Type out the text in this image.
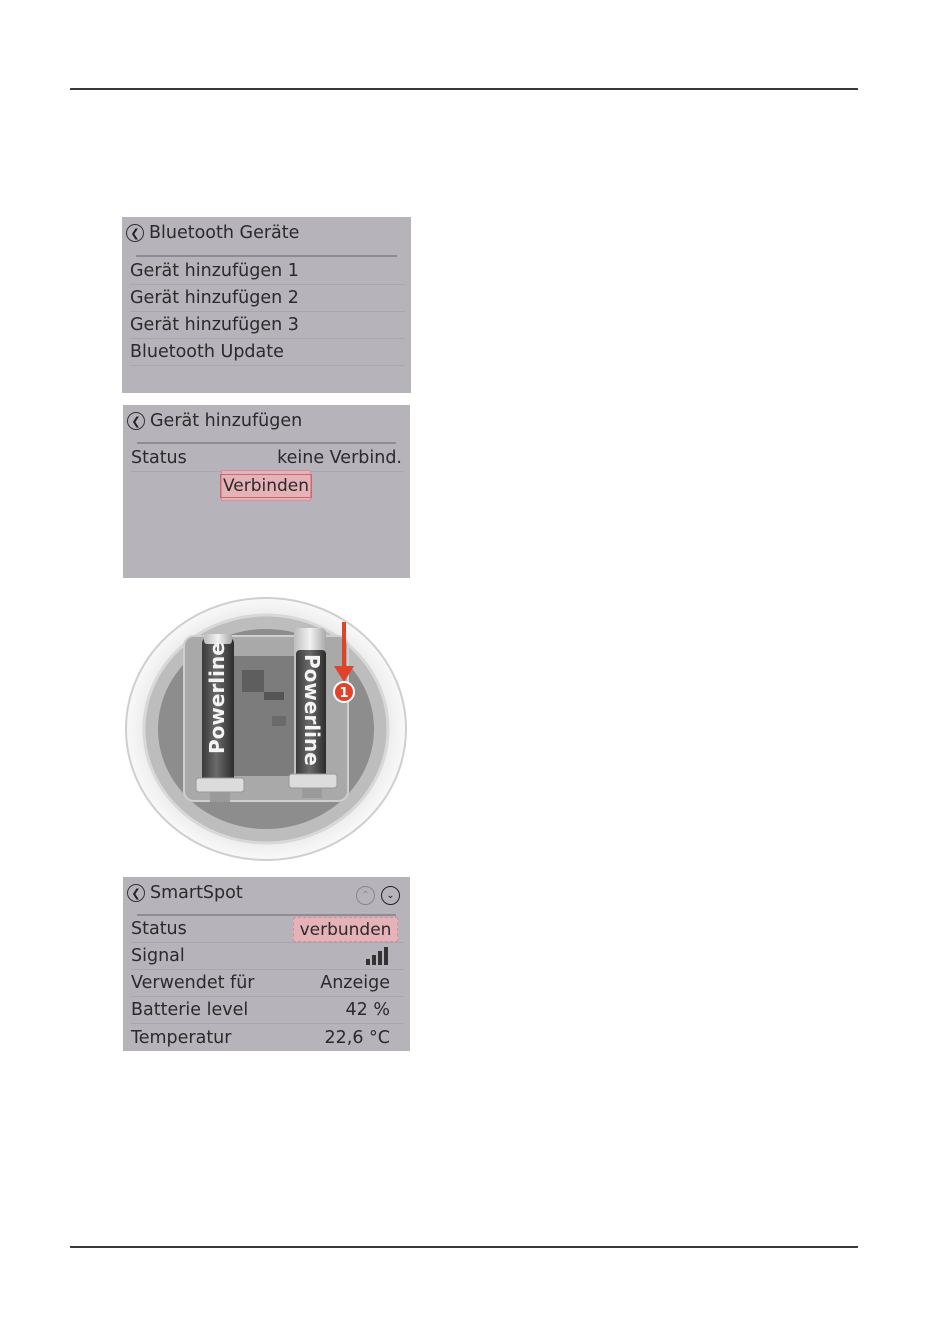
❮ Bluetooth Geräte
Gerät hinzufügen 1
Gerät hinzufügen 2
Gerät hinzufügen 3
Bluetooth Update
❮ Gerät hinzufügen
Status	keine Verbind.
Verbinden
Powerline	Powerline 1
❮ SmartSpot	⌃	⌄
Status	verbunden
Signal
Verwendet für	Anzeige
Batterie level	42 %
Temperatur	22,6 °C
